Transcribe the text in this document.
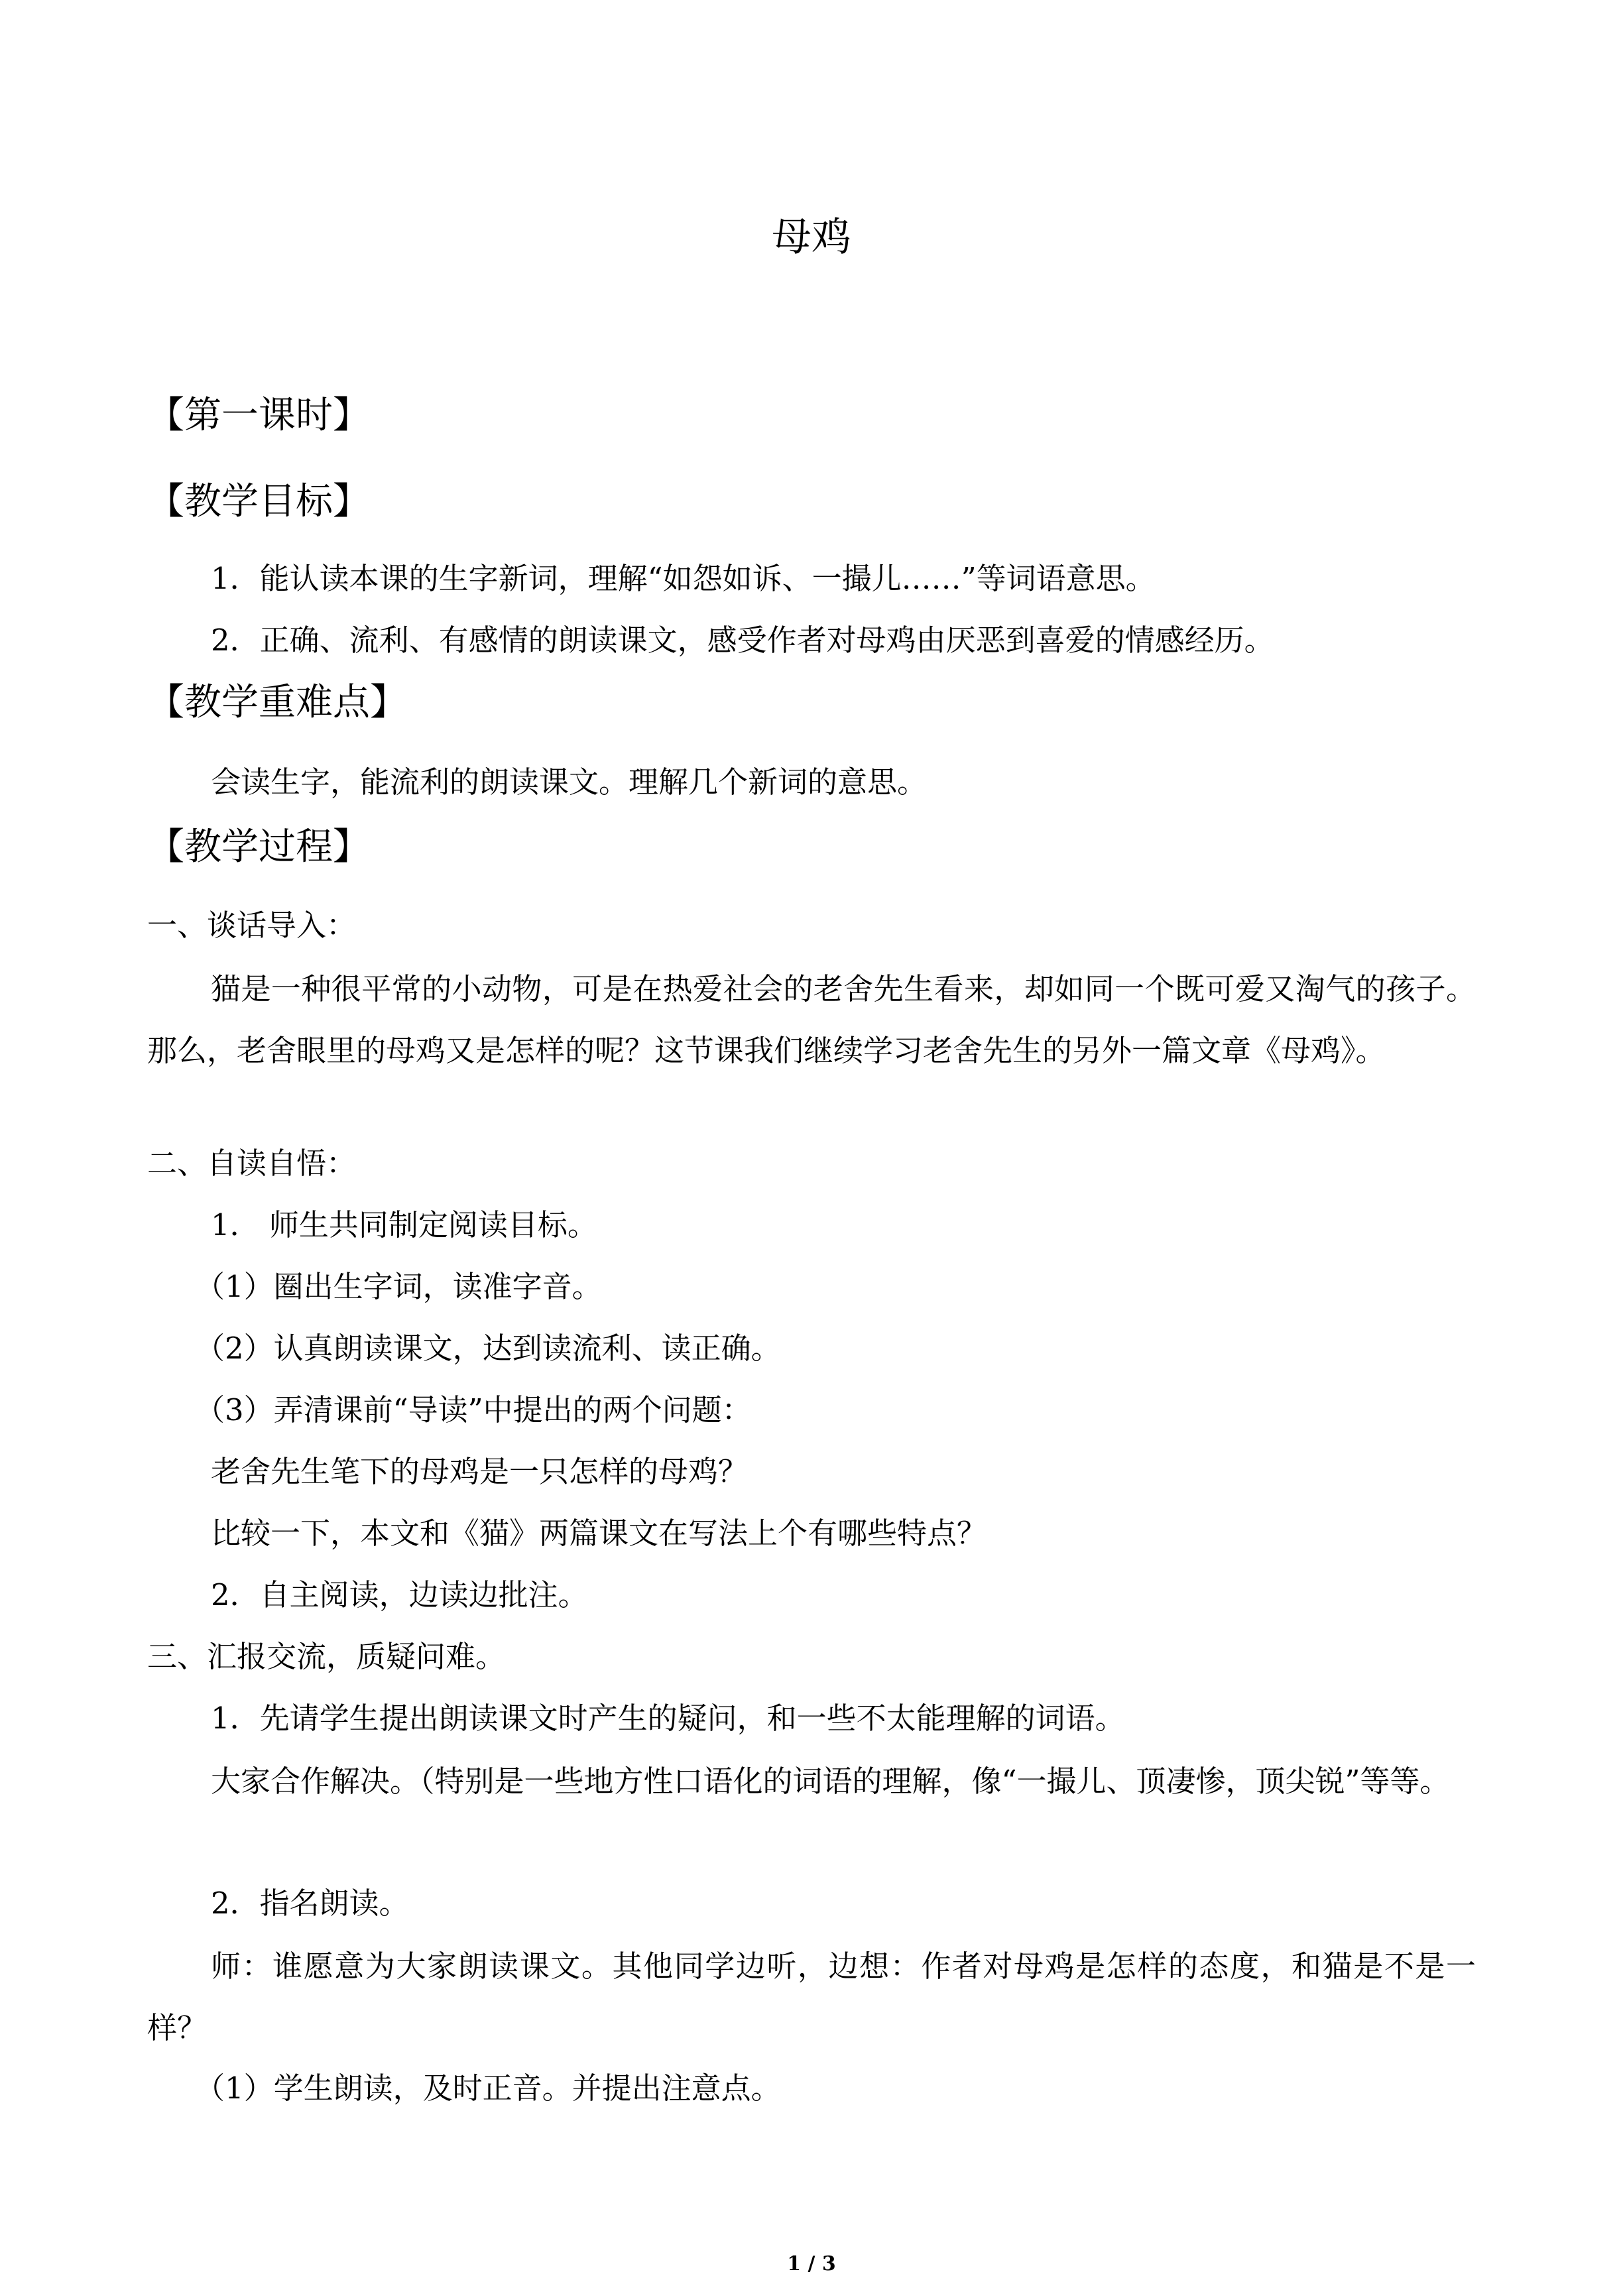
母鸡
【第一课时】
【教学目标】
1．能认读本课的生字新词，理解“如怨如诉、一撮儿……”等词语意思。
2．正确、流利、有感情的朗读课文，感受作者对母鸡由厌恶到喜爱的情感经历。
【教学重难点】
会读生字，能流利的朗读课文。理解几个新词的意思。
【教学过程】
一、谈话导入：
猫是一种很平常的小动物，可是在热爱社会的老舍先生看来，却如同一个既可爱又淘气的孩子。那么，老舍眼里的母鸡又是怎样的呢？这节课我们继续学习老舍先生的另外一篇文章《母鸡》。
二、自读自悟：
1． 师生共同制定阅读目标。
（1）圈出生字词，读准字音。
（2）认真朗读课文，达到读流利、读正确。
（3）弄清课前“导读”中提出的两个问题：
老舍先生笔下的母鸡是一只怎样的母鸡？
比较一下，本文和《猫》两篇课文在写法上个有哪些特点？
2．自主阅读，边读边批注。
三、汇报交流，质疑问难。
1．先请学生提出朗读课文时产生的疑问，和一些不太能理解的词语。
大家合作解决。（特别是一些地方性口语化的词语的理解，像“一撮儿、顶凄惨，顶尖锐”等等。
2．指名朗读。
师：谁愿意为大家朗读课文。其他同学边听，边想：作者对母鸡是怎样的态度，和猫是不是一样？
（1）学生朗读，及时正音。并提出注意点。
1 / 3
